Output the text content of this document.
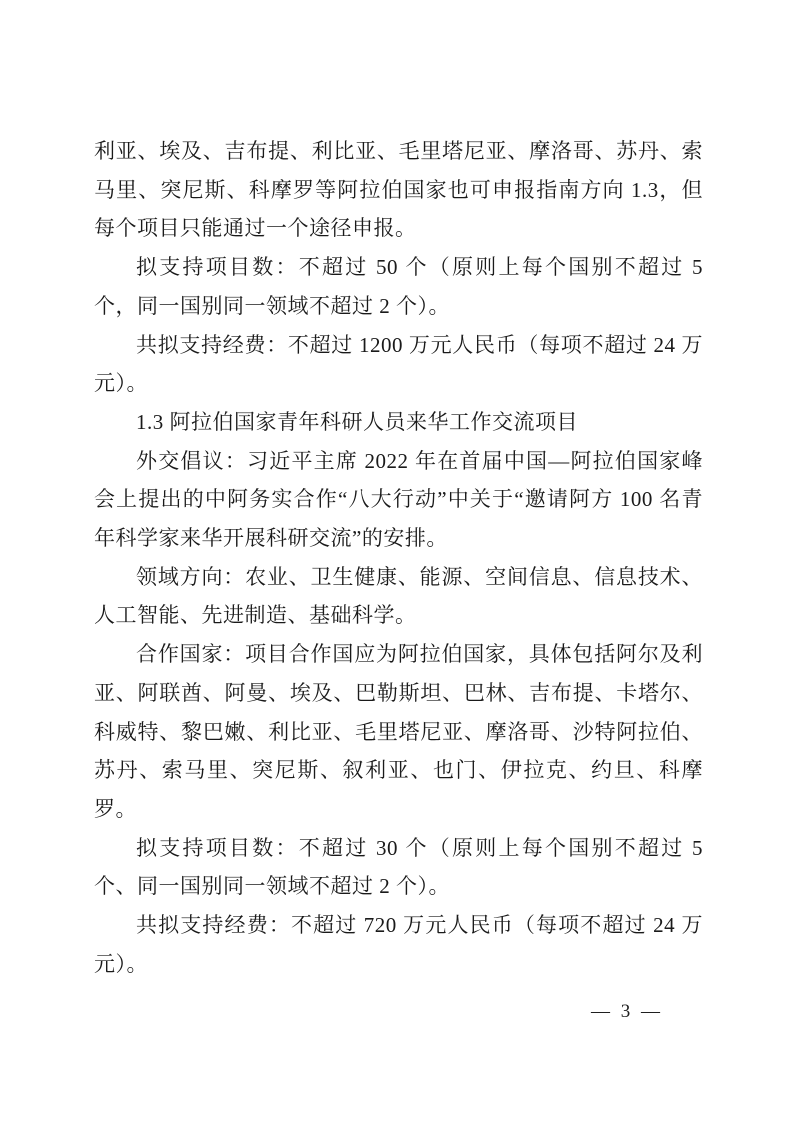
利亚、埃及、吉布提、利比亚、毛里塔尼亚、摩洛哥、苏丹、索马里、突尼斯、科摩罗等阿拉伯国家也可申报指南方向 1.3，但每个项目只能通过一个途径申报。

拟支持项目数：不超过 50 个（原则上每个国别不超过 5 个，同一国别同一领域不超过 2 个）。

共拟支持经费：不超过 1200 万元人民币（每项不超过 24 万元）。

1.3 阿拉伯国家青年科研人员来华工作交流项目

外交倡议：习近平主席 2022 年在首届中国—阿拉伯国家峰会上提出的中阿务实合作“八大行动”中关于“邀请阿方 100 名青年科学家来华开展科研交流”的安排。

领域方向：农业、卫生健康、能源、空间信息、信息技术、人工智能、先进制造、基础科学。

合作国家：项目合作国应为阿拉伯国家，具体包括阿尔及利亚、阿联酋、阿曼、埃及、巴勒斯坦、巴林、吉布提、卡塔尔、科威特、黎巴嫩、利比亚、毛里塔尼亚、摩洛哥、沙特阿拉伯、苏丹、索马里、突尼斯、叙利亚、也门、伊拉克、约旦、科摩罗。

拟支持项目数：不超过 30 个（原则上每个国别不超过 5 个、同一国别同一领域不超过 2 个）。

共拟支持经费：不超过 720 万元人民币（每项不超过 24 万元）。

— 3 —
